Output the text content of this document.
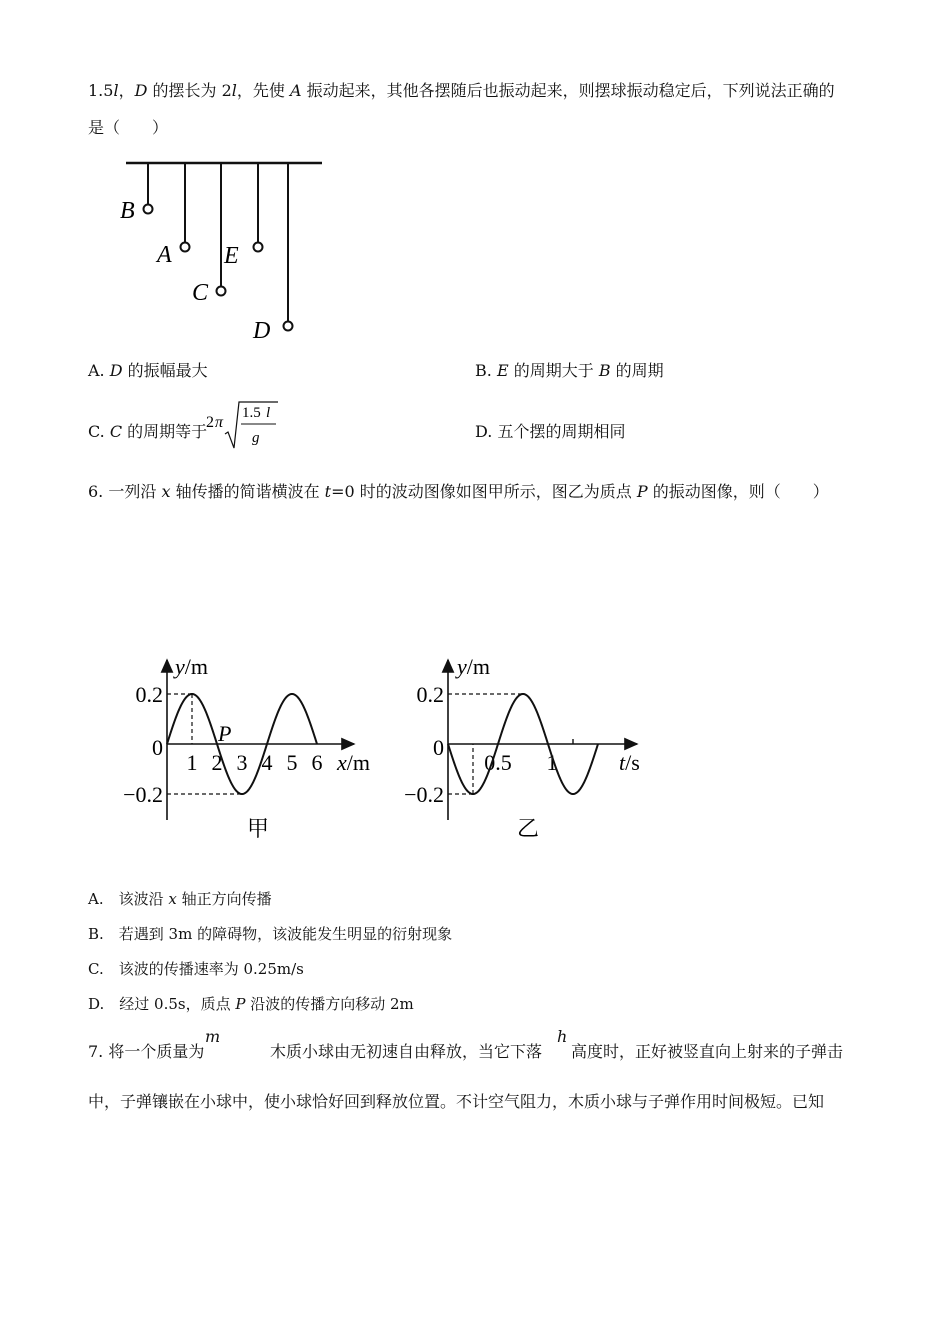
1.5l，D 的摆长为 2l，先使 A 振动起来，其他各摆随后也振动起来，则摆球振动稳定后，下列说法正确的
是（　　）
B
A E
C
D
A. D 的振幅最大	B. E 的周期大于 B 的周期
C. C 的周期等于
2 π
1.5 l
g	D. 五个摆的周期相同
6. 一列沿 x 轴传播的简谐横波在 t=0 时的波动图像如图甲所示，图乙为质点 P 的振动图像，则（　　）
y/m
x/m
0.2
0
−0.2
1 2 3 4 5 6
P
甲
y/m
t/s
0.2
0
−0.2
0.5 1
乙
A.　该波沿 x 轴正方向传播
B.　若遇到 3m 的障碍物，该波能发生明显的衍射现象
C.　该波的传播速率为 0.25m/s
D.　经过 0.5s，质点 P 沿波的传播方向移动 2m
7. 将一个质量为
m
木质小球由无初速自由释放，当它下落
h
高度时，正好被竖直向上射来的子弹击
中，子弹镶嵌在小球中，使小球恰好回到释放位置。不计空气阻力，木质小球与子弹作用时间极短。已知
